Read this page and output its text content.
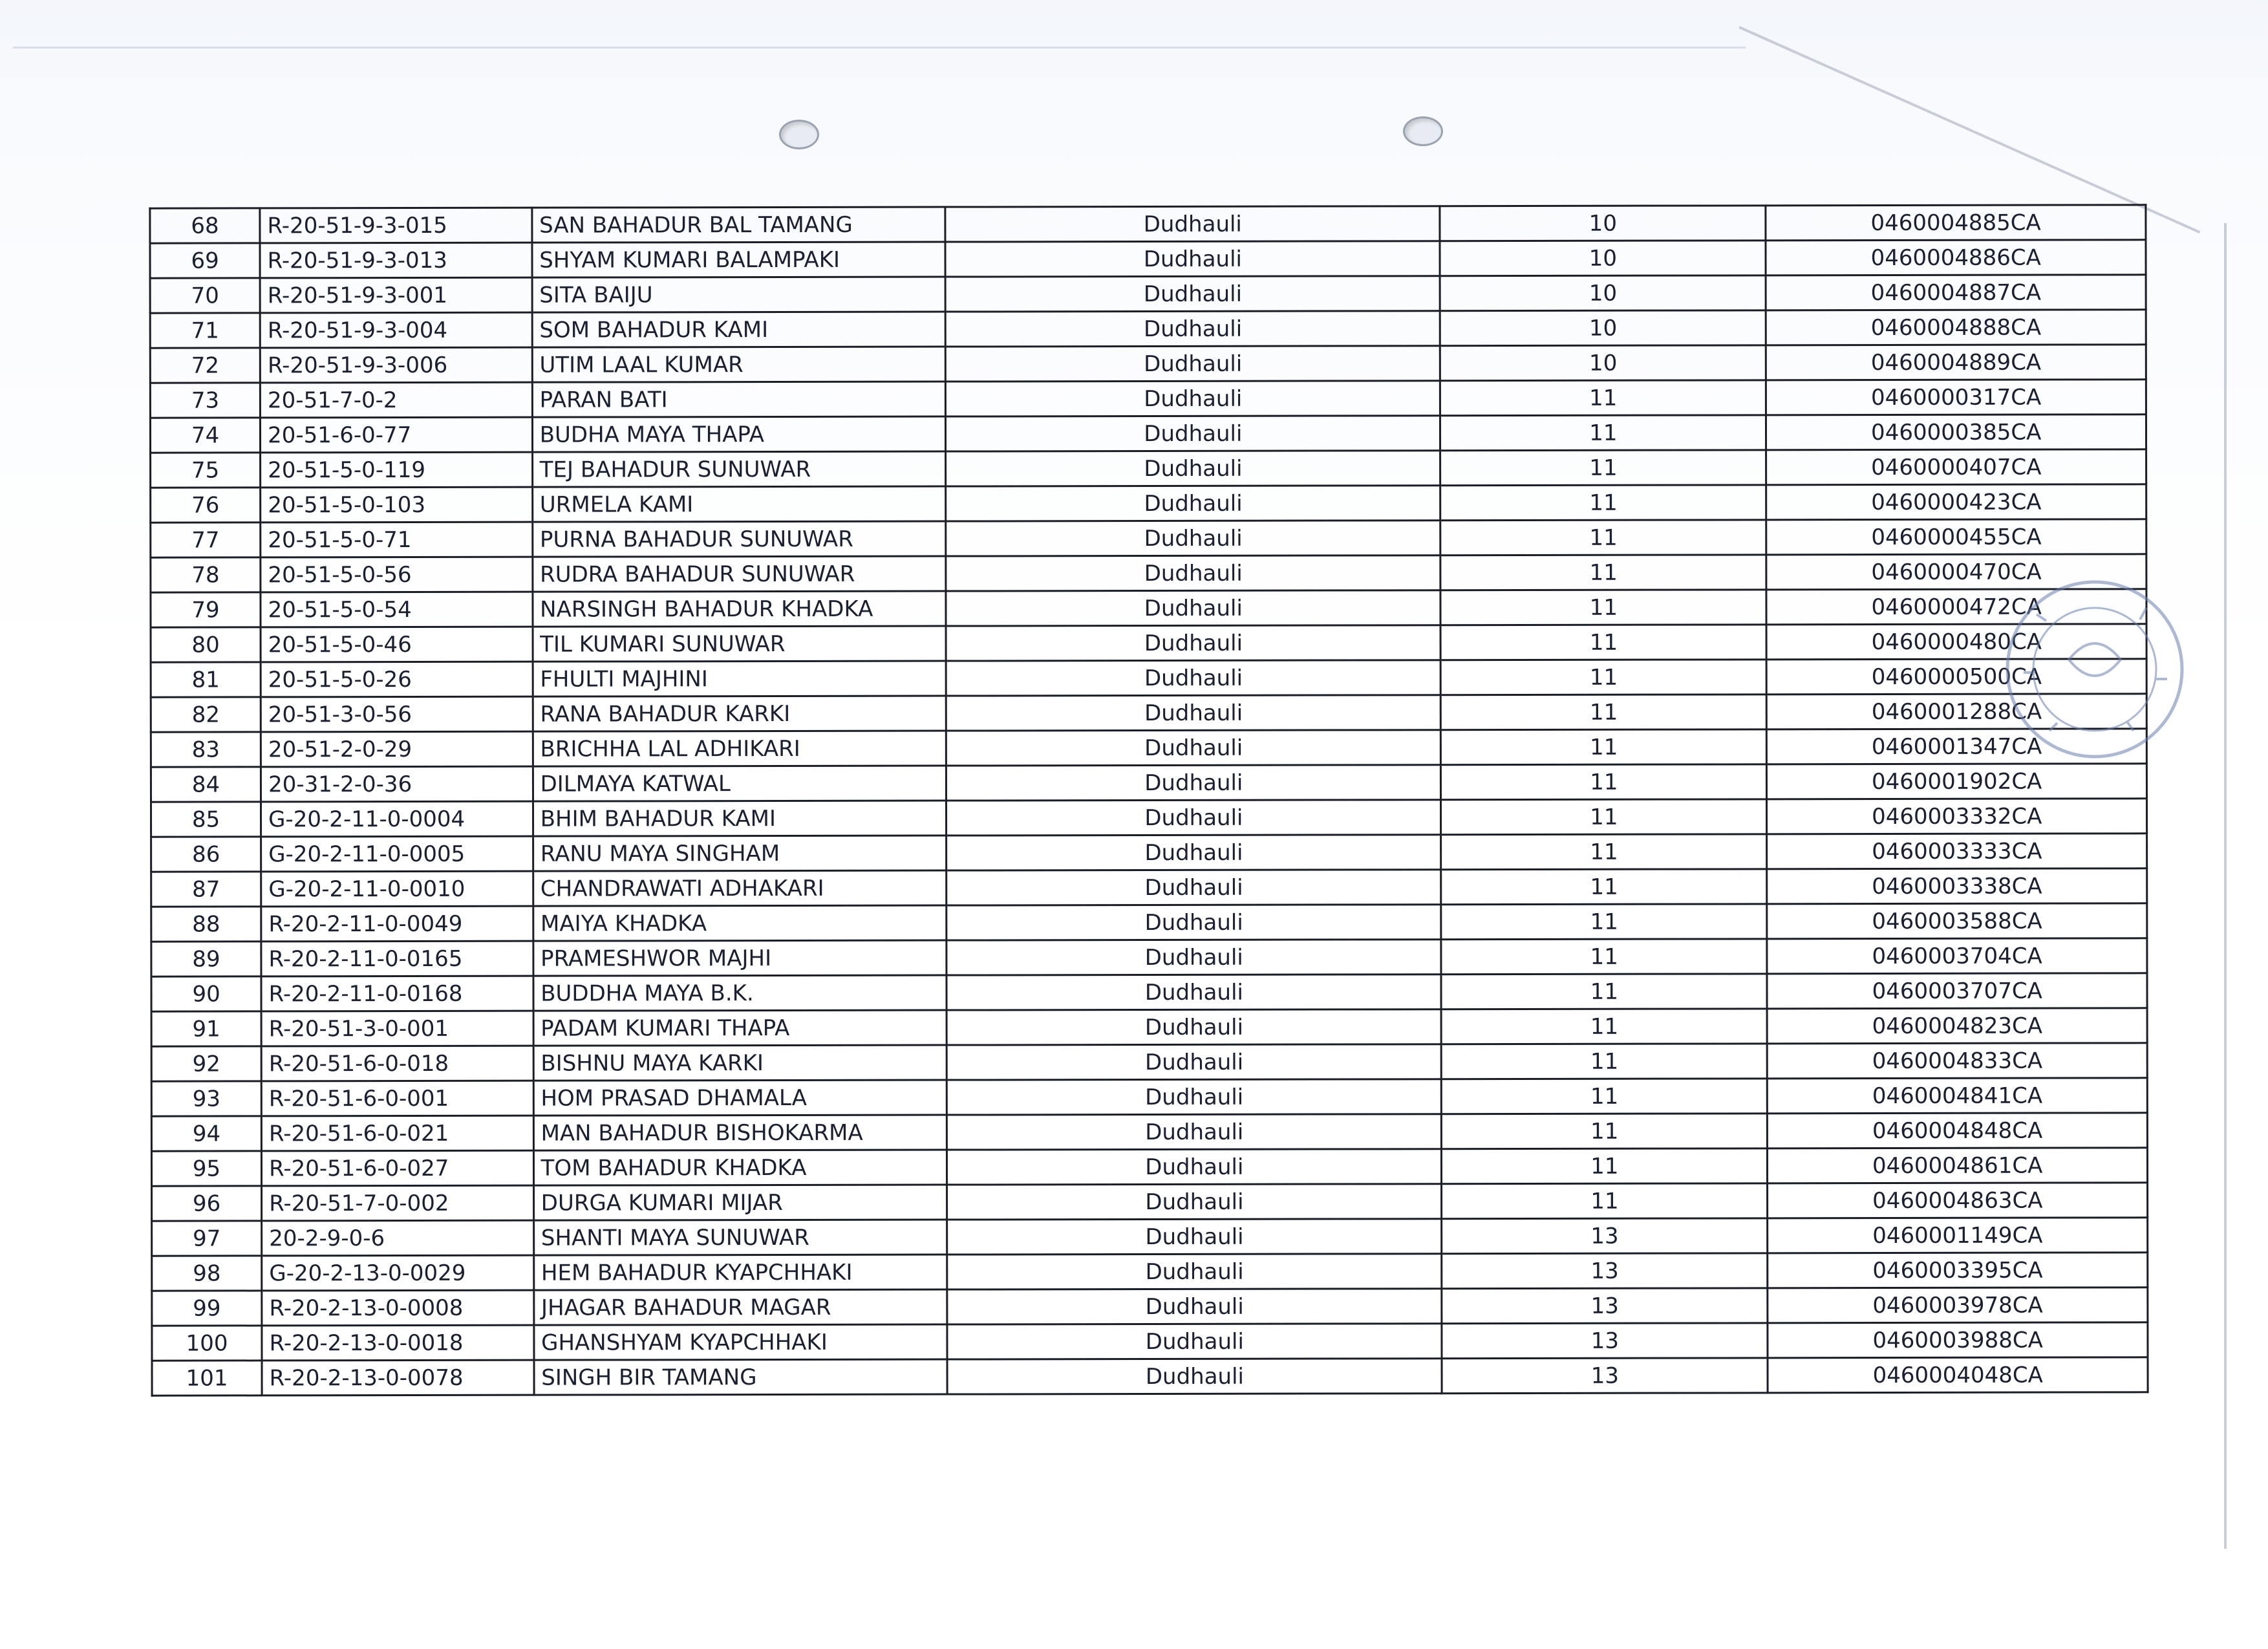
68	R-20-51-9-3-015	SAN BAHADUR BAL TAMANG	Dudhauli	10	0460004885CA
69	R-20-51-9-3-013	SHYAM KUMARI BALAMPAKI	Dudhauli	10	0460004886CA
70	R-20-51-9-3-001	SITA BAIJU	Dudhauli	10	0460004887CA
71	R-20-51-9-3-004	SOM BAHADUR KAMI	Dudhauli	10	0460004888CA
72	R-20-51-9-3-006	UTIM LAAL KUMAR	Dudhauli	10	0460004889CA
73	20-51-7-0-2	PARAN BATI	Dudhauli	11	0460000317CA
74	20-51-6-0-77	BUDHA MAYA THAPA	Dudhauli	11	0460000385CA
75	20-51-5-0-119	TEJ BAHADUR SUNUWAR	Dudhauli	11	0460000407CA
76	20-51-5-0-103	URMELA KAMI	Dudhauli	11	0460000423CA
77	20-51-5-0-71	PURNA BAHADUR SUNUWAR	Dudhauli	11	0460000455CA
78	20-51-5-0-56	RUDRA BAHADUR SUNUWAR	Dudhauli	11	0460000470CA
79	20-51-5-0-54	NARSINGH BAHADUR KHADKA	Dudhauli	11	0460000472CA
80	20-51-5-0-46	TIL KUMARI SUNUWAR	Dudhauli	11	0460000480CA
81	20-51-5-0-26	FHULTI MAJHINI	Dudhauli	11	0460000500CA
82	20-51-3-0-56	RANA BAHADUR KARKI	Dudhauli	11	0460001288CA
83	20-51-2-0-29	BRICHHA LAL ADHIKARI	Dudhauli	11	0460001347CA
84	20-31-2-0-36	DILMAYA KATWAL	Dudhauli	11	0460001902CA
85	G-20-2-11-0-0004	BHIM BAHADUR KAMI	Dudhauli	11	0460003332CA
86	G-20-2-11-0-0005	RANU MAYA SINGHAM	Dudhauli	11	0460003333CA
87	G-20-2-11-0-0010	CHANDRAWATI ADHAKARI	Dudhauli	11	0460003338CA
88	R-20-2-11-0-0049	MAIYA KHADKA	Dudhauli	11	0460003588CA
89	R-20-2-11-0-0165	PRAMESHWOR MAJHI	Dudhauli	11	0460003704CA
90	R-20-2-11-0-0168	BUDDHA MAYA B.K.	Dudhauli	11	0460003707CA
91	R-20-51-3-0-001	PADAM KUMARI THAPA	Dudhauli	11	0460004823CA
92	R-20-51-6-0-018	BISHNU MAYA KARKI	Dudhauli	11	0460004833CA
93	R-20-51-6-0-001	HOM PRASAD DHAMALA	Dudhauli	11	0460004841CA
94	R-20-51-6-0-021	MAN BAHADUR BISHOKARMA	Dudhauli	11	0460004848CA
95	R-20-51-6-0-027	TOM BAHADUR KHADKA	Dudhauli	11	0460004861CA
96	R-20-51-7-0-002	DURGA KUMARI MIJAR	Dudhauli	11	0460004863CA
97	20-2-9-0-6	SHANTI MAYA SUNUWAR	Dudhauli	13	0460001149CA
98	G-20-2-13-0-0029	HEM BAHADUR KYAPCHHAKI	Dudhauli	13	0460003395CA
99	R-20-2-13-0-0008	JHAGAR BAHADUR MAGAR	Dudhauli	13	0460003978CA
100	R-20-2-13-0-0018	GHANSHYAM KYAPCHHAKI	Dudhauli	13	0460003988CA
101	R-20-2-13-0-0078	SINGH BIR TAMANG	Dudhauli	13	0460004048CA
